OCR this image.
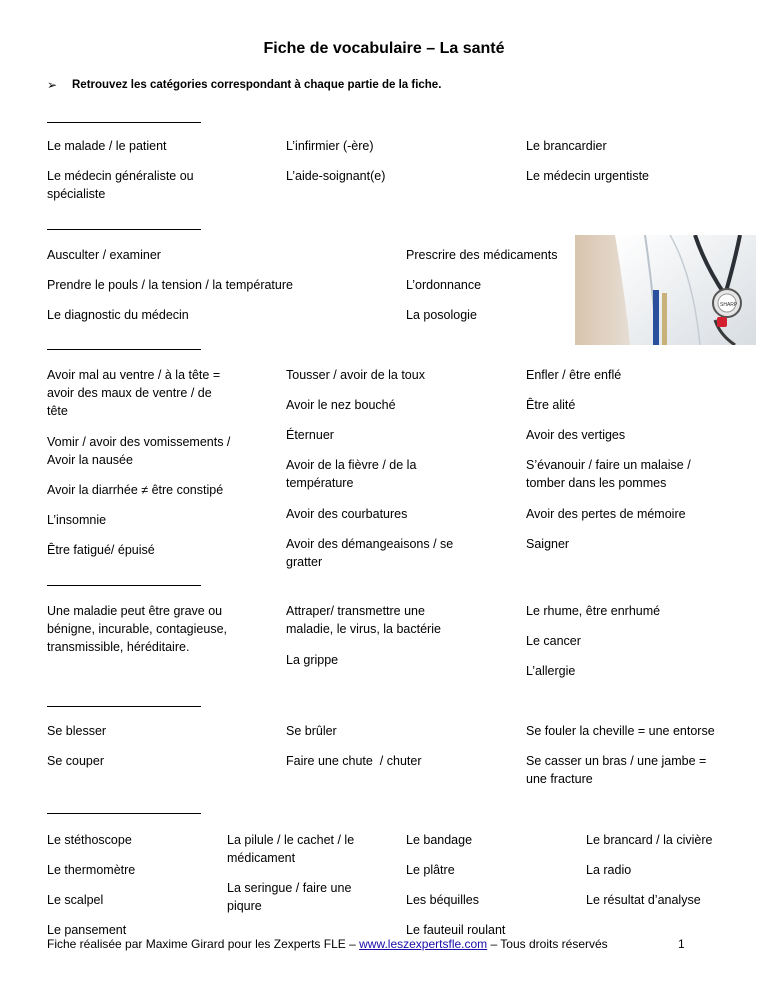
Fiche de vocabulaire – La santé
➢ Retrouvez les catégories correspondant à chaque partie de la fiche.
Le malade / le patient
Le médecin généraliste ou
spécialiste
L’infirmier (-ère)
L’aide-soignant(e)
Le brancardier
Le médecin urgentiste
Ausculter / examiner
Prendre le pouls / la tension / la température
Le diagnostic du médecin
Prescrire des médicaments
L’ordonnance
La posologie
SHARP
Avoir mal au ventre / à la tête =
avoir des maux de ventre / de
tête
Vomir / avoir des vomissements /
Avoir la nausée
Avoir la diarrhée ≠ être constipé
L’insomnie
Être fatigué/ épuisé
Tousser / avoir de la toux
Avoir le nez bouché
Éternuer
Avoir de la fièvre / de la
température
Avoir des courbatures
Avoir des démangeaisons / se
gratter
Enfler / être enflé
Être alité
Avoir des vertiges
S’évanouir / faire un malaise /
tomber dans les pommes
Avoir des pertes de mémoire
Saigner
Une maladie peut être grave ou
bénigne, incurable, contagieuse,
transmissible, héréditaire.
Attraper/ transmettre une
maladie, le virus, la bactérie
La grippe
Le rhume, être enrhumé
Le cancer
L’allergie
Se blesser
Se couper
Se brûler
Faire une chute  / chuter
Se fouler la cheville = une entorse
Se casser un bras / une jambe =
une fracture
Le stéthoscope
Le thermomètre
Le scalpel
Le pansement
La pilule / le cachet / le
médicament
La seringue / faire une
piqure
Le bandage
Le plâtre
Les béquilles
Le fauteuil roulant
Le brancard / la civière
La radio
Le résultat d’analyse
Fiche réalisée par Maxime Girard pour les Zexperts FLE – www.leszexpertsfle.com – Tous droits réservés	1
